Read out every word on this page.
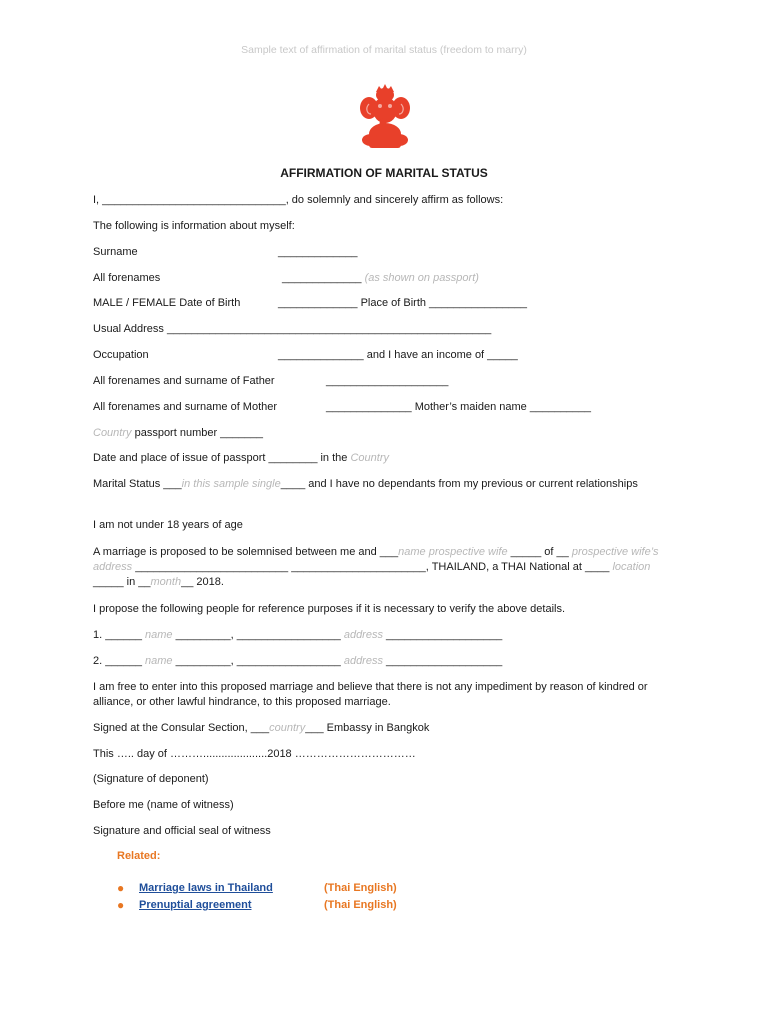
Sample text of affirmation of marital status (freedom to marry)
AFFIRMATION OF MARITAL STATUS
I, ______________________________, do solemnly and sincerely affirm as follows:
The following is information about myself:
Surname	_____________
All forenames	_____________ (as shown on passport)
MALE / FEMALE Date of Birth	_____________ Place of Birth ________________
Usual Address _____________________________________________________
Occupation	______________ and I have an income of _____
All forenames and surname of Father	____________________
All forenames and surname of Mother	______________ Mother’s maiden name __________
Country passport number _______
Date and place of issue of passport ________ in the Country
Marital Status ___in this sample single____ and I have no dependants from my previous or current relationships
I am not under 18 years of age
A marriage is proposed to be solemnised between me and ___name prospective wife _____ of __ prospective wife’s address _________________________ ______________________, THAILAND, a THAI National at ____ location _____ in __month__ 2018.
I propose the following people for reference purposes if it is necessary to verify the above details.
1. ______ name _________, _________________ address ___________________
2. ______ name _________, _________________ address ___________________
I am free to enter into this proposed marriage and believe that there is not any impediment by reason of kindred or alliance, or other lawful hindrance, to this proposed marriage.
Signed at the Consular Section, ___country___ Embassy in Bangkok
This ….. day of ……….....................2018 ……………………………
(Signature of deponent)
Before me (name of witness)
Signature and official seal of witness
Related:
● Marriage laws in Thailand	(Thai English)
● Prenuptial agreement	(Thai English)
